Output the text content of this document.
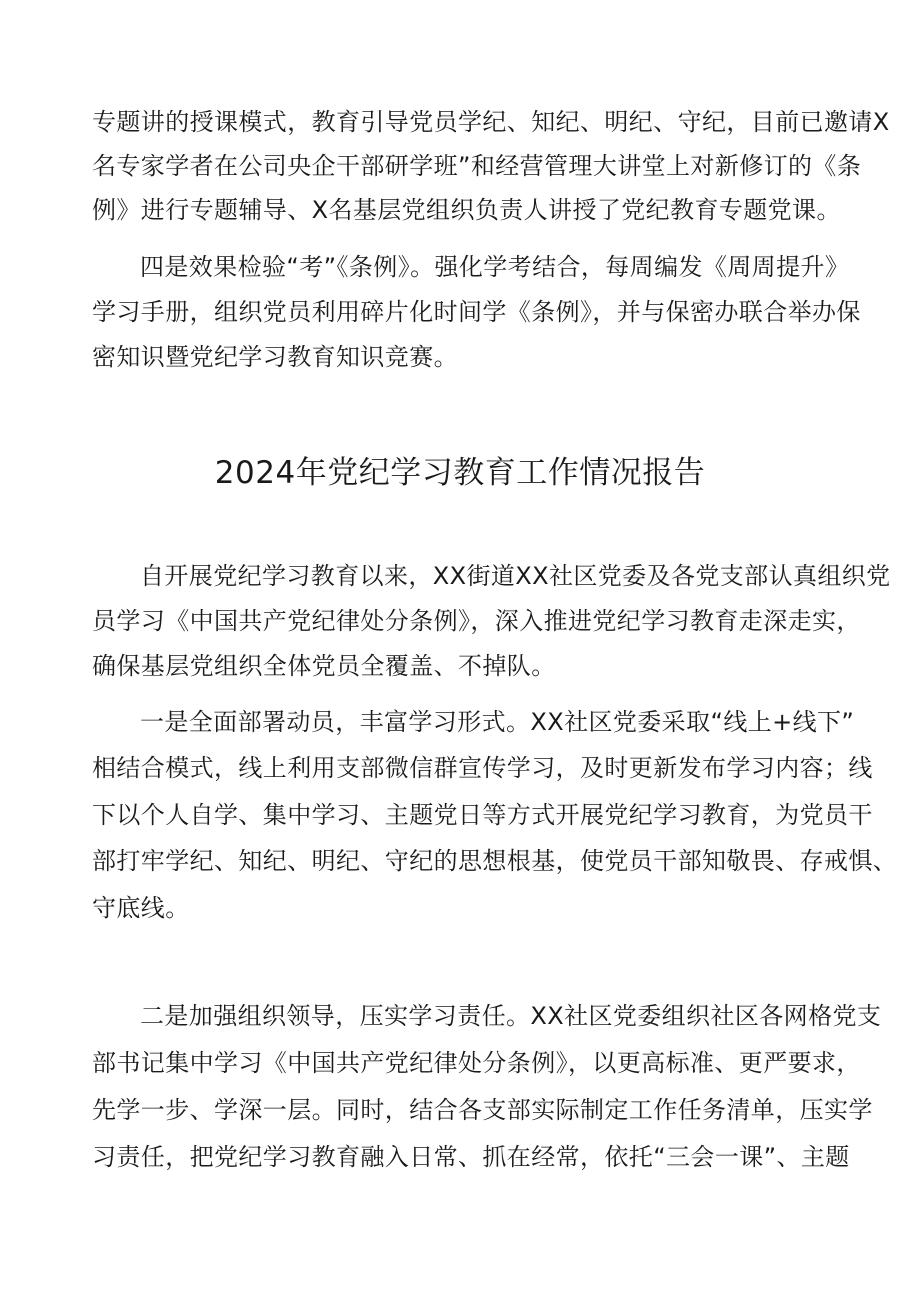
专题讲的授课模式，教育引导党员学纪、知纪、明纪、守纪，目前已邀请X

名专家学者在公司央企干部研学班”和经营管理大讲堂上对新修订的《条

例》进行专题辅导、X名基层党组织负责人讲授了党纪教育专题党课。

四是效果检验“考”《条例》。强化学考结合，每周编发《周周提升》

学习手册，组织党员利用碎片化时间学《条例》，并与保密办联合举办保

密知识暨党纪学习教育知识竞赛。

2024年党纪学习教育工作情况报告

自开展党纪学习教育以来，XX街道XX社区党委及各党支部认真组织党

员学习《中国共产党纪律处分条例》，深入推进党纪学习教育走深走实，

确保基层党组织全体党员全覆盖、不掉队。

一是全面部署动员，丰富学习形式。XX社区党委采取“线上+线下”

相结合模式，线上利用支部微信群宣传学习，及时更新发布学习内容；线

下以个人自学、集中学习、主题党日等方式开展党纪学习教育，为党员干

部打牢学纪、知纪、明纪、守纪的思想根基，使党员干部知敬畏、存戒惧、

守底线。

二是加强组织领导，压实学习责任。XX社区党委组织社区各网格党支

部书记集中学习《中国共产党纪律处分条例》，以更高标准、更严要求，

先学一步、学深一层。同时，结合各支部实际制定工作任务清单，压实学

习责任，把党纪学习教育融入日常、抓在经常，依托“三会一课”、主题
